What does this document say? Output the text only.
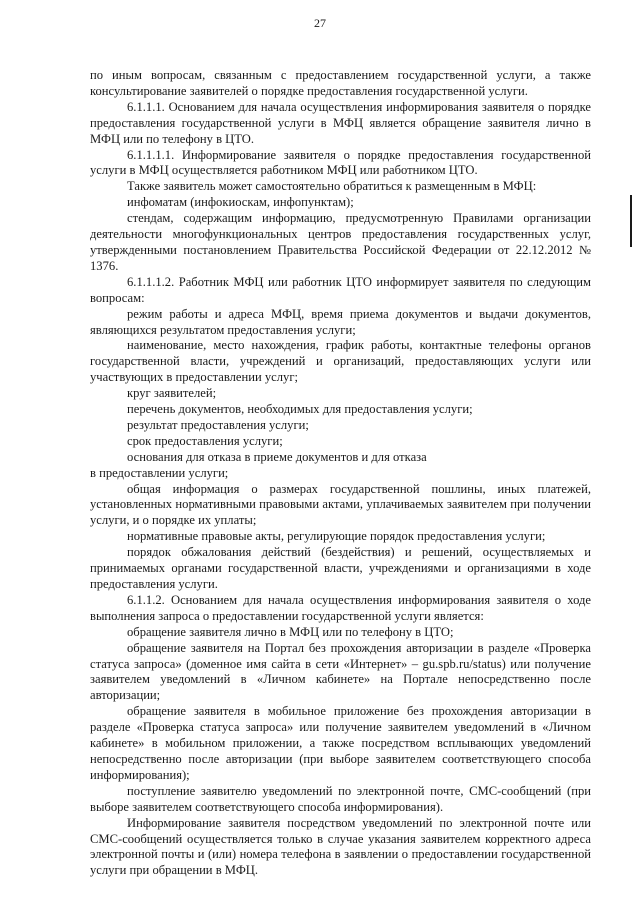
27

по иным вопросам, связанным с предоставлением государственной услуги, а также консультирование заявителей о порядке предоставления государственной услуги.

6.1.1.1. Основанием для начала осуществления информирования заявителя о порядке предоставления государственной услуги в МФЦ является обращение заявителя лично в МФЦ или по телефону в ЦТО.

6.1.1.1.1. Информирование заявителя о порядке предоставления государственной услуги в МФЦ осуществляется работником МФЦ или работником ЦТО.

Также заявитель может самостоятельно обратиться к размещенным в МФЦ:

инфоматам (инфокиоскам, инфопунктам);

стендам, содержащим информацию, предусмотренную Правилами организации деятельности многофункциональных центров предоставления государственных услуг, утвержденными постановлением Правительства Российской Федерации от 22.12.2012 № 1376.

6.1.1.1.2. Работник МФЦ или работник ЦТО информирует заявителя по следующим вопросам:

режим работы и адреса МФЦ, время приема документов и выдачи документов, являющихся результатом предоставления услуги;

наименование, место нахождения, график работы, контактные телефоны органов государственной власти, учреждений и организаций, предоставляющих услуги или участвующих в предоставлении услуг;

круг заявителей;

перечень документов, необходимых для предоставления услуги;

результат предоставления услуги;

срок предоставления услуги;

основания для отказа в приеме документов и для отказа

в предоставлении услуги;

общая информация о размерах государственной пошлины, иных платежей, установленных нормативными правовыми актами, уплачиваемых заявителем при получении услуги, и о порядке их уплаты;

нормативные правовые акты, регулирующие порядок предоставления услуги;

порядок обжалования действий (бездействия) и решений, осуществляемых и принимаемых органами государственной власти, учреждениями и организациями в ходе предоставления услуги.

6.1.1.2. Основанием для начала осуществления информирования заявителя о ходе выполнения запроса о предоставлении государственной услуги является:

обращение заявителя лично в МФЦ или по телефону в ЦТО;

обращение заявителя на Портал без прохождения авторизации в разделе «Проверка статуса запроса» (доменное имя сайта в сети «Интернет» – gu.spb.ru/status) или получение заявителем уведомлений в «Личном кабинете» на Портале непосредственно после авторизации;

обращение заявителя в мобильное приложение без прохождения авторизации в разделе «Проверка статуса запроса» или получение заявителем уведомлений в «Личном кабинете» в мобильном приложении, а также посредством всплывающих уведомлений непосредственно после авторизации (при выборе заявителем соответствующего способа информирования);

поступление заявителю уведомлений по электронной почте, СМС-сообщений (при выборе заявителем соответствующего способа информирования).

Информирование заявителя посредством уведомлений по электронной почте или СМС-сообщений осуществляется только в случае указания заявителем корректного адреса электронной почты и (или) номера телефона в заявлении о предоставлении государственной услуги при обращении в МФЦ.
